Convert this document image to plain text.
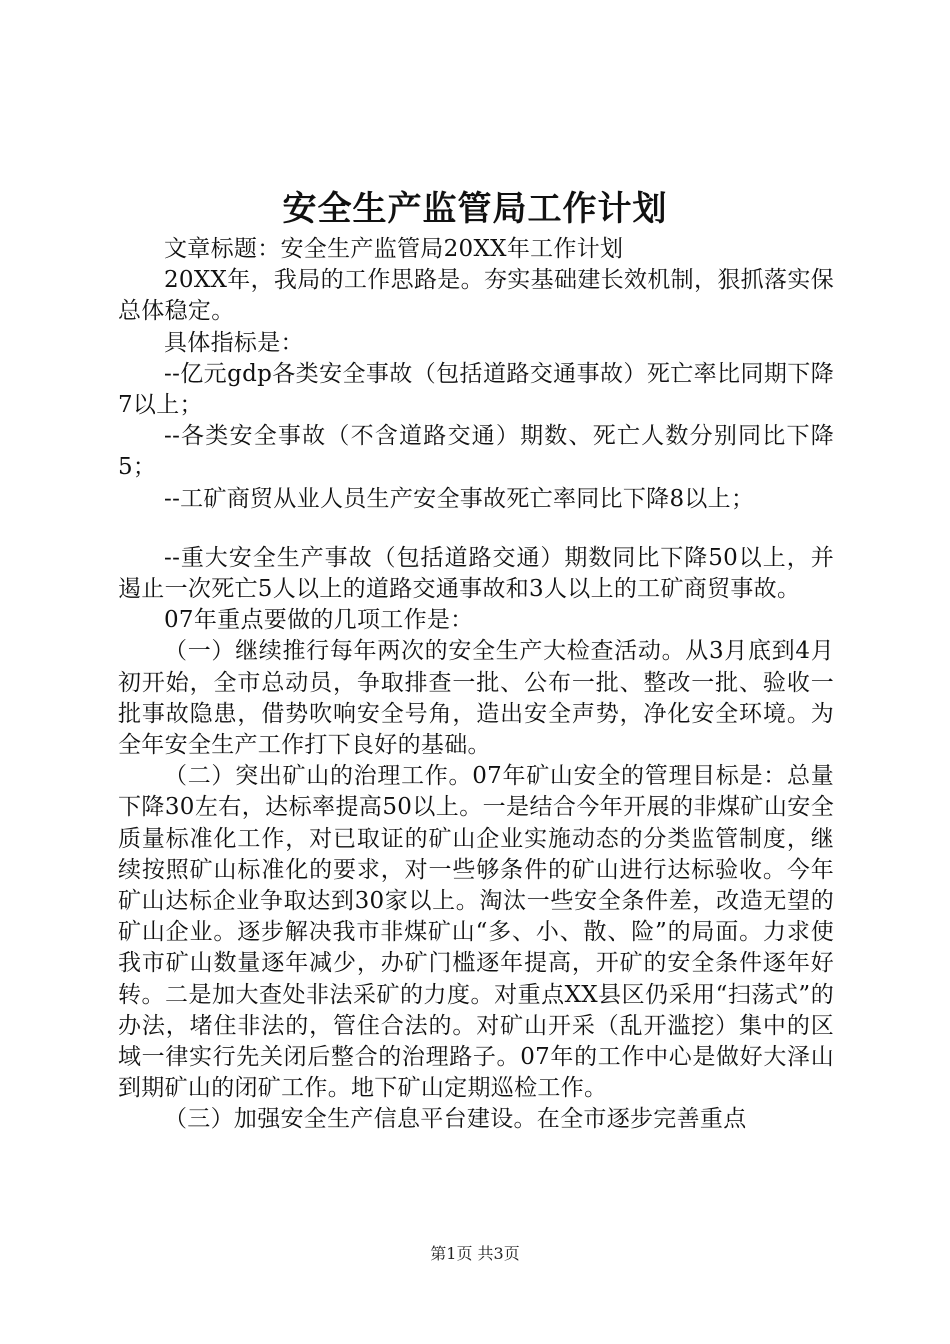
安全生产监管局工作计划

文章标题：安全生产监管局20XX年工作计划

20XX年，我局的工作思路是。夯实基础建长效机制，狠抓落实保总体稳定。

具体指标是：

--亿元gdp各类安全事故（包括道路交通事故）死亡率比同期下降7以上；

--各类安全事故（不含道路交通）期数、死亡人数分别同比下降5；

--工矿商贸从业人员生产安全事故死亡率同比下降8以上；

--重大安全生产事故（包括道路交通）期数同比下降50以上，并遏止一次死亡5人以上的道路交通事故和3人以上的工矿商贸事故。

07年重点要做的几项工作是：

（一）继续推行每年两次的安全生产大检查活动。从3月底到4月初开始，全市总动员，争取排查一批、公布一批、整改一批、验收一批事故隐患，借势吹响安全号角，造出安全声势，净化安全环境。为全年安全生产工作打下良好的基础。

（二）突出矿山的治理工作。07年矿山安全的管理目标是：总量下降30左右，达标率提高50以上。一是结合今年开展的非煤矿山安全质量标准化工作，对已取证的矿山企业实施动态的分类监管制度，继续按照矿山标准化的要求，对一些够条件的矿山进行达标验收。今年矿山达标企业争取达到30家以上。淘汰一些安全条件差，改造无望的矿山企业。逐步解决我市非煤矿山“多、小、散、险”的局面。力求使我市矿山数量逐年减少，办矿门槛逐年提高，开矿的安全条件逐年好转。二是加大查处非法采矿的力度。对重点XX县区仍采用“扫荡式”的办法，堵住非法的，管住合法的。对矿山开采（乱开滥挖）集中的区域一律实行先关闭后整合的治理路子。07年的工作中心是做好大泽山到期矿山的闭矿工作。地下矿山定期巡检工作。

（三）加强安全生产信息平台建设。在全市逐步完善重点

第1页 共3页
